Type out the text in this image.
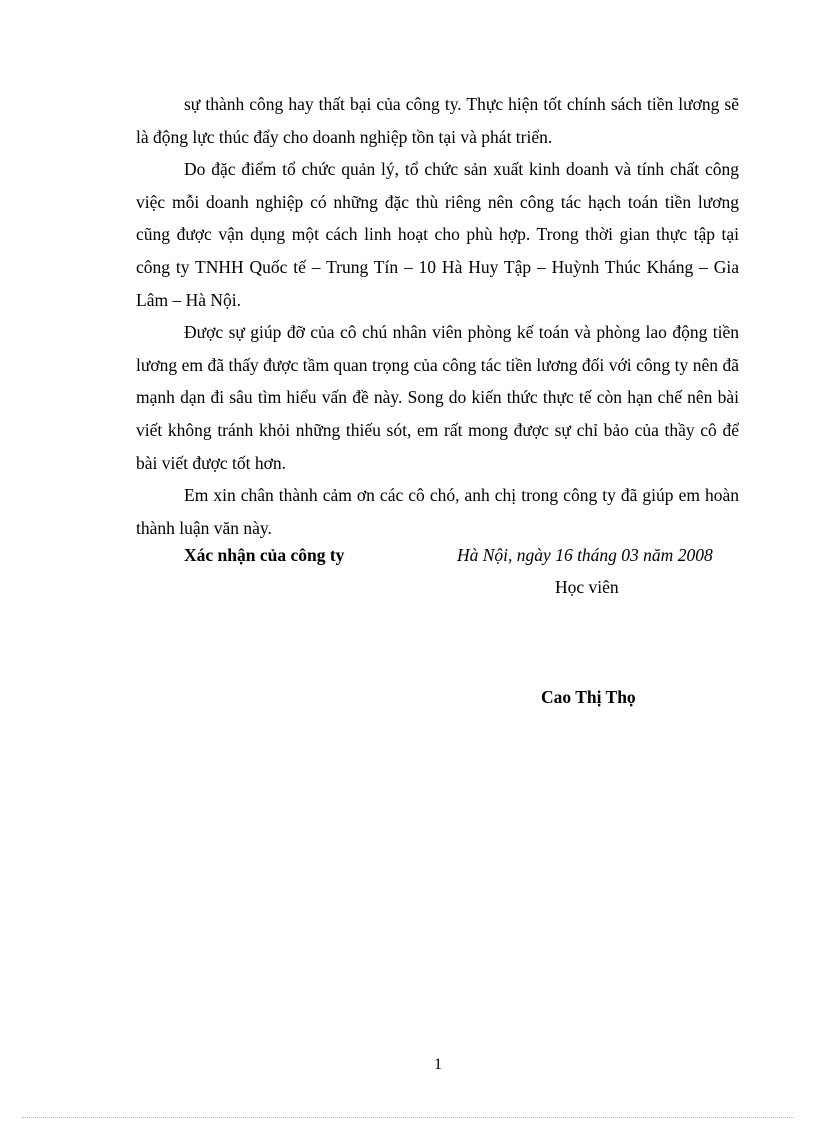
sự thành công hay thất bại của công ty. Thực hiện tốt chính sách tiền lương sẽ là động lực thúc đẩy cho doanh nghiệp tồn tại và phát triển.

Do đặc điểm tổ chức quản lý, tổ chức sản xuất kinh doanh và tính chất công việc mỗi doanh nghiệp có những đặc thù riêng nên công tác hạch toán tiền lương cũng được vận dụng một cách linh hoạt cho phù hợp. Trong thời gian thực tập tại công ty TNHH Quốc tế – Trung Tín – 10 Hà Huy Tập – Huỳnh Thúc Kháng – Gia Lâm – Hà Nội.

Được sự giúp đỡ của cô chú nhân viên phòng kế toán và phòng lao động tiền lương em đã thấy được tầm quan trọng của công tác tiền lương đối với công ty nên đã mạnh dạn đi sâu tìm hiểu vấn đề này. Song do kiến thức thực tế còn hạn chế nên bài viết không tránh khỏi những thiếu sót, em rất mong được sự chỉ bảo của thầy cô để bài viết được tốt hơn.

Em xin chân thành cảm ơn các cô chó, anh chị trong công ty đã giúp em hoàn thành luận văn này.

Xác nhận của công ty	Hà Nội, ngày 16 tháng 03 năm 2008
Học viên
Cao Thị Thọ
1
